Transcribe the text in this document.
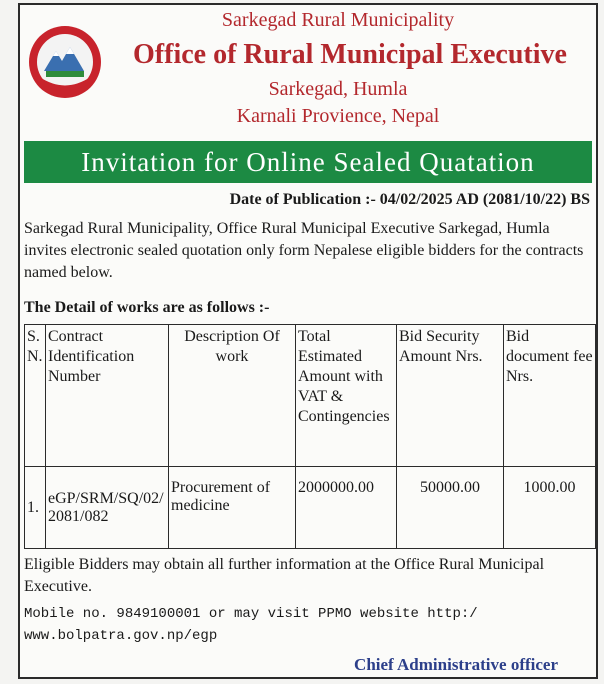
Sarkegad Rural Municipality
Office of Rural Municipal Executive
Sarkegad, Humla
Karnali Provience, Nepal
Invitation for Online Sealed Quatation
Date of Publication :- 04/02/2025 AD (2081/10/22) BS
Sarkegad Rural Municipality, Office Rural Municipal Executive Sarkegad, Humla invites electronic sealed quotation only form Nepalese eligible bidders for the contracts named below.
The Detail of works are as follows :-
S. N.	Contract Identification Number	Description Of work	Total Estimated Amount with VAT & Contingencies	Bid Security Amount Nrs.	Bid document fee Nrs.
1.	eGP/SRM/SQ/02/2081/082	Procurement of medicine	2000000.00	50000.00	1000.00
Eligible Bidders may obtain all further information at the Office Rural Municipal Executive.
Mobile no. 9849100001 or may visit PPMO website http:/ www.bolpatra.gov.np/egp
Chief Administrative officer
